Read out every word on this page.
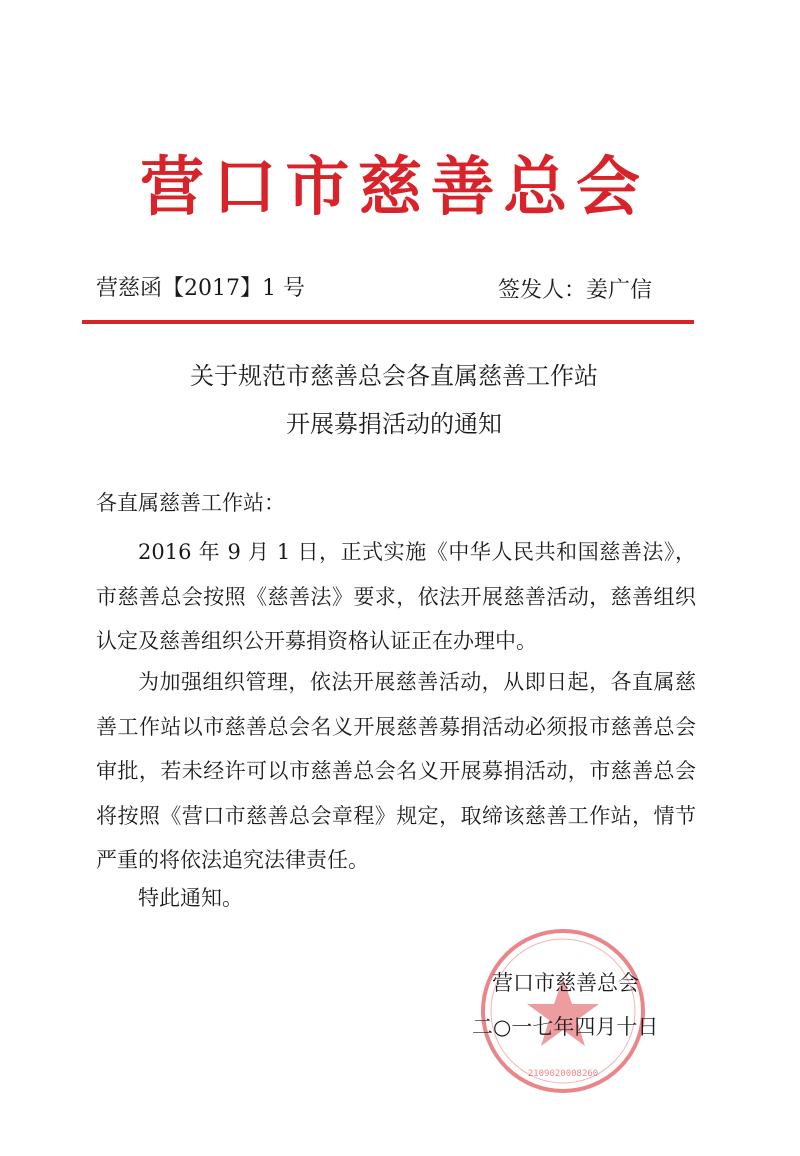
营 口 市 慈 善 总 会
营慈函【2017】1 号	签发人：姜广信
关于规范市慈善总会各直属慈善工作站
开展募捐活动的通知
各直属慈善工作站：
2016 年 9 月 1 日，正式实施《中华人民共和国慈善法》，市慈善总会按照《慈善法》要求，依法开展慈善活动，慈善组织认定及慈善组织公开募捐资格认证正在办理中。
为加强组织管理，依法开展慈善活动，从即日起，各直属慈善工作站以市慈善总会名义开展慈善募捐活动必须报市慈善总会审批，若未经许可以市慈善总会名义开展募捐活动，市慈善总会将按照《营口市慈善总会章程》规定，取缔该慈善工作站，情节严重的将依法追究法律责任。
特此通知。
2109020008260
营口市慈善总会
二○一七年四月十日
